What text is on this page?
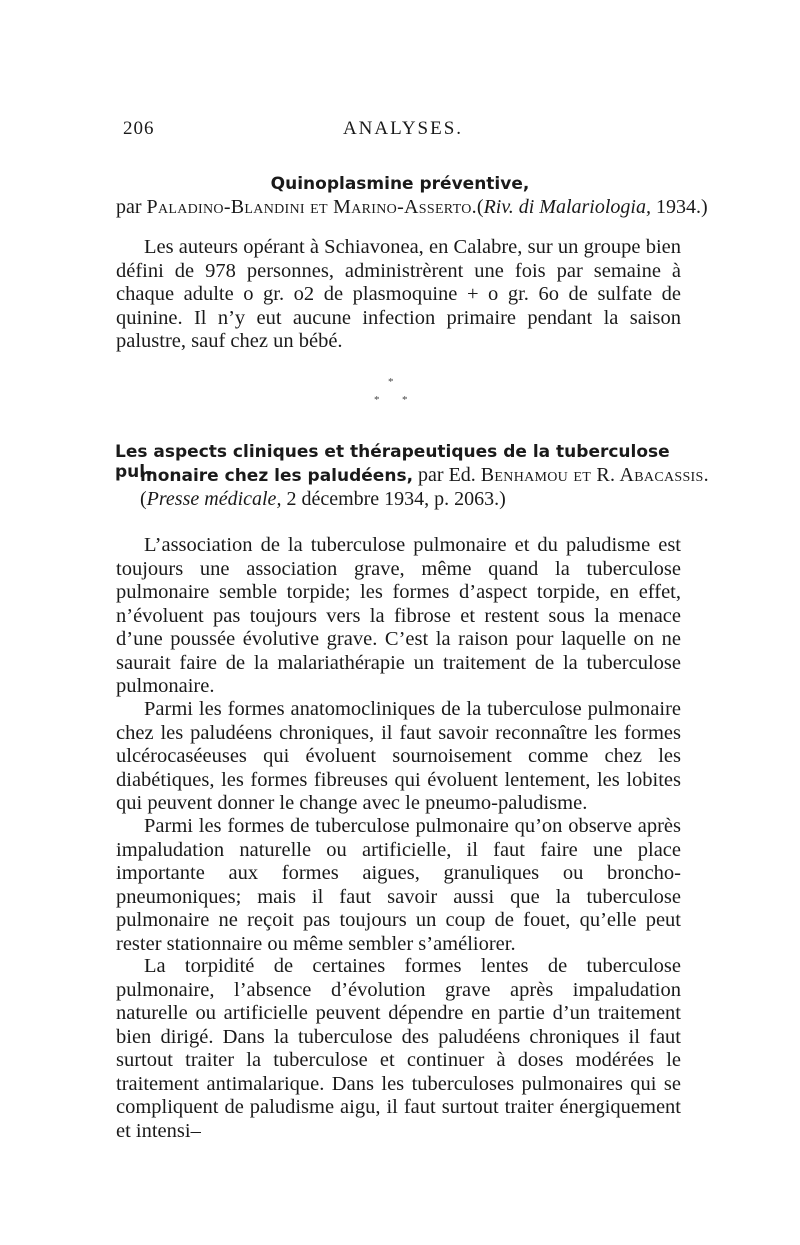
206	ANALYSES.
Quinoplasmine préventive,
par Paladino-Blandini et Marino-Asserto.(Riv. di Malariologia, 1934.)

Les auteurs opérant à Schiavonea, en Calabre, sur un groupe bien défini de 978 personnes, administrèrent une fois par semaine à chaque adulte o gr. o2 de plasmoquine + o gr. 6o de sulfate de quinine. Il n’y eut aucune infection primaire pendant la saison palustre, sauf chez un bébé.

*
* *
Les aspects cliniques et thérapeutiques de la tuberculose pul-
monaire chez les paludéens, par Ed. Benhamou et R. Abacassis.
(Presse médicale, 2 décembre 1934, p. 2063.)

L’association de la tuberculose pulmonaire et du paludisme est toujours une association grave, même quand la tuberculose pulmonaire semble torpide; les formes d’aspect torpide, en effet, n’évoluent pas toujours vers la fibrose et restent sous la menace d’une poussée évolutive grave. C’est la raison pour laquelle on ne saurait faire de la malariathérapie un traitement de la tuberculose pulmonaire.

Parmi les formes anatomocliniques de la tuberculose pulmonaire chez les paludéens chroniques, il faut savoir reconnaître les formes ulcérocaséeuses qui évoluent sournoisement comme chez les diabétiques, les formes fibreuses qui évoluent lentement, les lobites qui peuvent donner le change avec le pneumo-paludisme.

Parmi les formes de tuberculose pulmonaire qu’on observe après impaludation naturelle ou artificielle, il faut faire une place importante aux formes aigues, granuliques ou broncho-pneumoniques; mais il faut savoir aussi que la tuberculose pulmonaire ne reçoit pas toujours un coup de fouet, qu’elle peut rester stationnaire ou même sembler s’améliorer.

La torpidité de certaines formes lentes de tuberculose pulmonaire, l’absence d’évolution grave après impaludation naturelle ou artificielle peuvent dépendre en partie d’un traitement bien dirigé. Dans la tuberculose des paludéens chroniques il faut surtout traiter la tuberculose et continuer à doses modérées le traitement antimalarique. Dans les tuberculoses pulmonaires qui se compliquent de paludisme aigu, il faut surtout traiter énergiquement et intensi–
